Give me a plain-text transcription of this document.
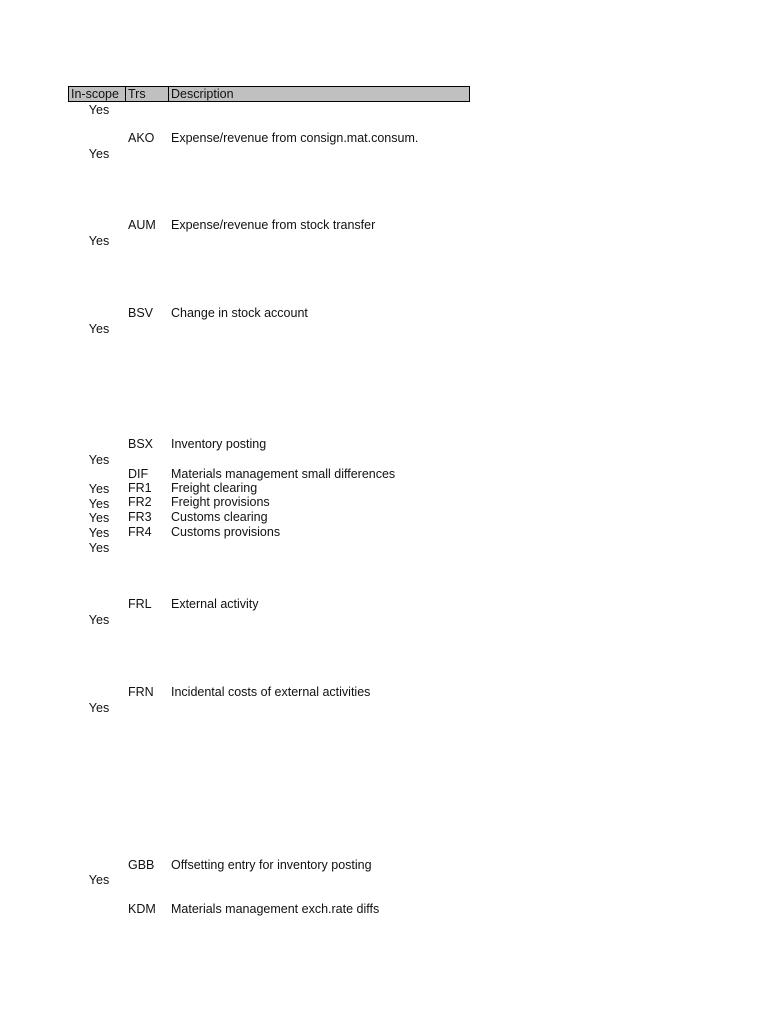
In-scope Trs	Description
Yes
Yes
Yes
Yes
Yes
Yes
Yes
Yes
Yes
Yes
Yes
Yes
Yes
AKO Expense/revenue from consign.mat.consum.
AUM Expense/revenue from stock transfer
BSV Change in stock account
BSX Inventory posting
DIF Materials management small differences
FR1 Freight clearing
FR2 Freight provisions
FR3 Customs clearing
FR4 Customs provisions
FRL External activity
FRN Incidental costs of external activities
GBB Offsetting entry for inventory posting
KDM Materials management exch.rate diffs
